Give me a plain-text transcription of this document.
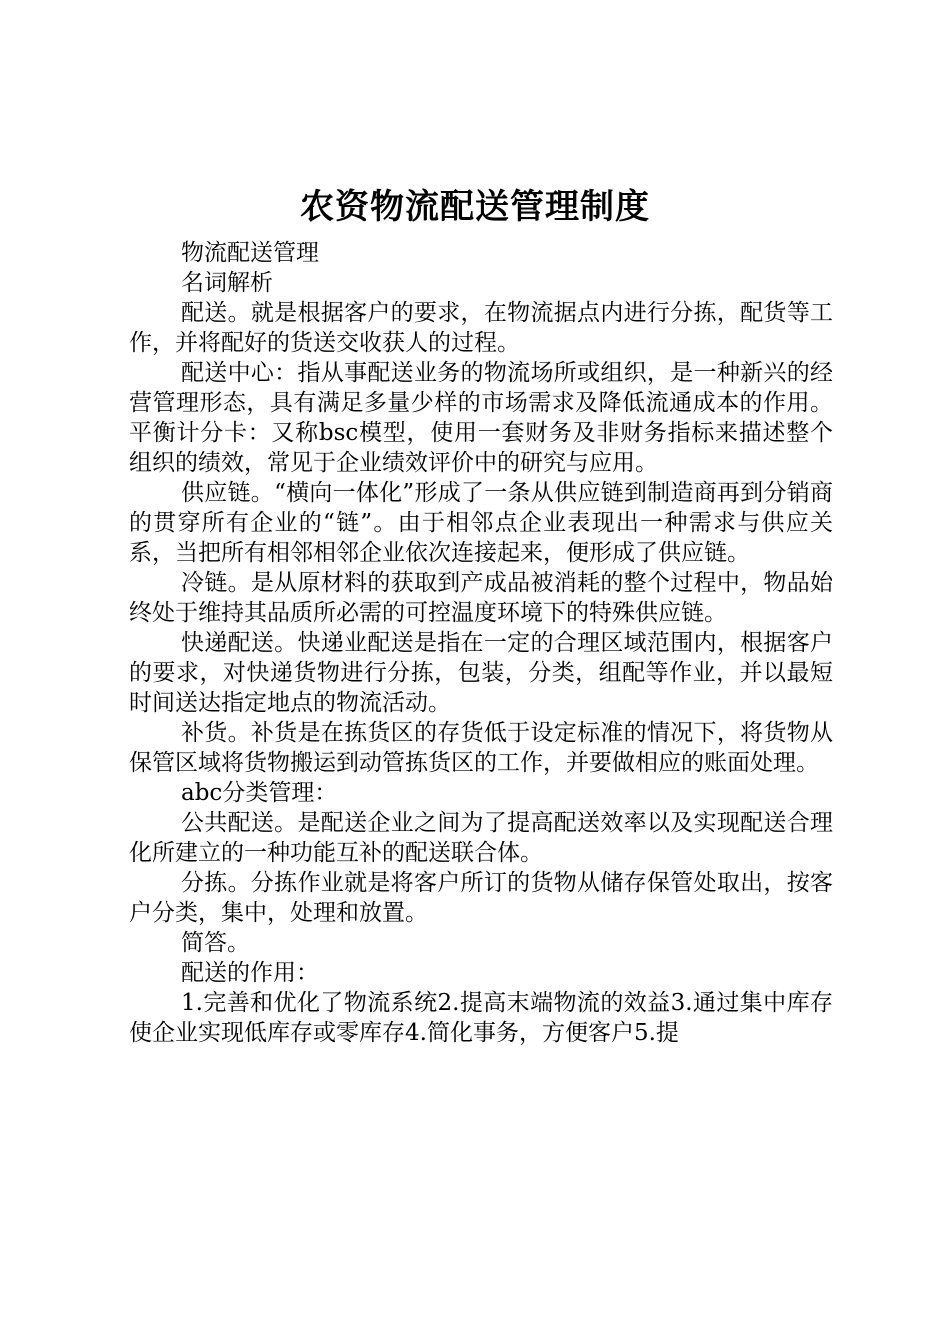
农资物流配送管理制度

物流配送管理

名词解析

配送。就是根据客户的要求，在物流据点内进行分拣，配货等工作，并将配好的货送交收获人的过程。

配送中心：指从事配送业务的物流场所或组织，是一种新兴的经营管理形态，具有满足多量少样的市场需求及降低流通成本的作用。平衡计分卡：又称bsc模型，使用一套财务及非财务指标来描述整个组织的绩效，常见于企业绩效评价中的研究与应用。

供应链。“横向一体化”形成了一条从供应链到制造商再到分销商的贯穿所有企业的“链”。由于相邻点企业表现出一种需求与供应关系，当把所有相邻相邻企业依次连接起来，便形成了供应链。

冷链。是从原材料的获取到产成品被消耗的整个过程中，物品始终处于维持其品质所必需的可控温度环境下的特殊供应链。

快递配送。快递业配送是指在一定的合理区域范围内，根据客户的要求，对快递货物进行分拣，包装，分类，组配等作业，并以最短时间送达指定地点的物流活动。

补货。补货是在拣货区的存货低于设定标准的情况下，将货物从保管区域将货物搬运到动管拣货区的工作，并要做相应的账面处理。

abc分类管理：

公共配送。是配送企业之间为了提高配送效率以及实现配送合理化所建立的一种功能互补的配送联合体。

分拣。分拣作业就是将客户所订的货物从储存保管处取出，按客户分类，集中，处理和放置。

简答。

配送的作用：

1.完善和优化了物流系统2.提高末端物流的效益3.通过集中库存使企业实现低库存或零库存4.简化事务，方便客户5.提
